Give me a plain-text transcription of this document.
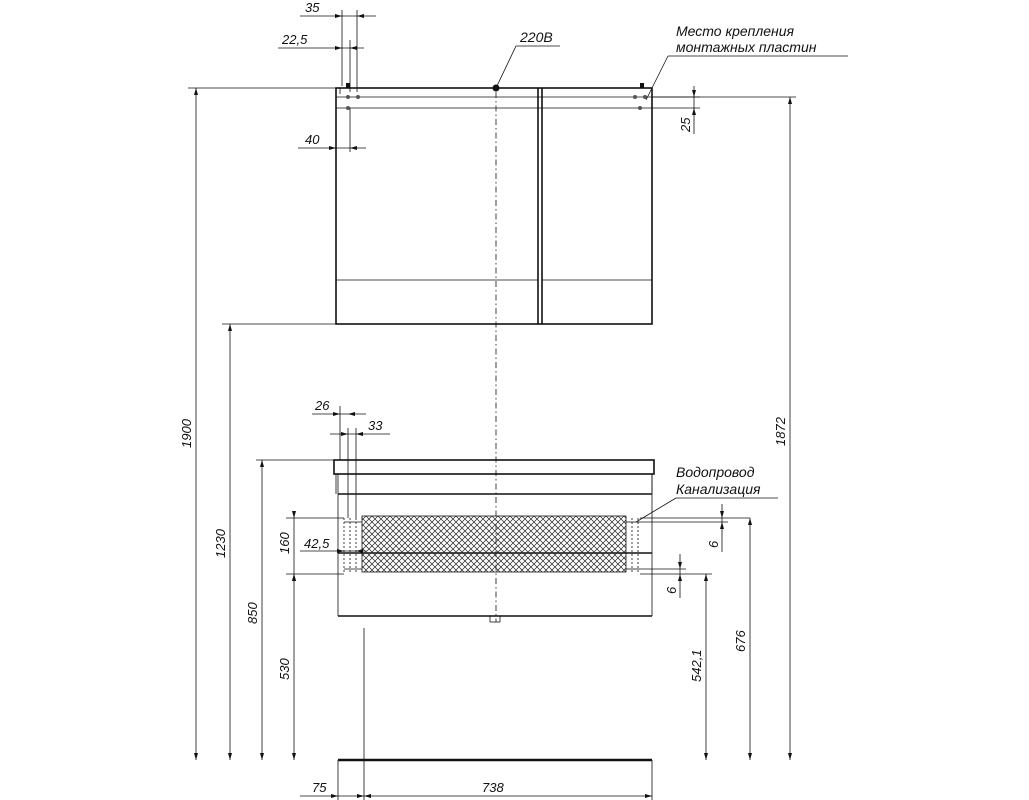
35
22,5
40
25
220В	Место крепления
монтажных пластин
1900	1872
1230
850
530
160 42,5
26
33
Водопровод
Канализация
6
6
676
542,1
75	738
